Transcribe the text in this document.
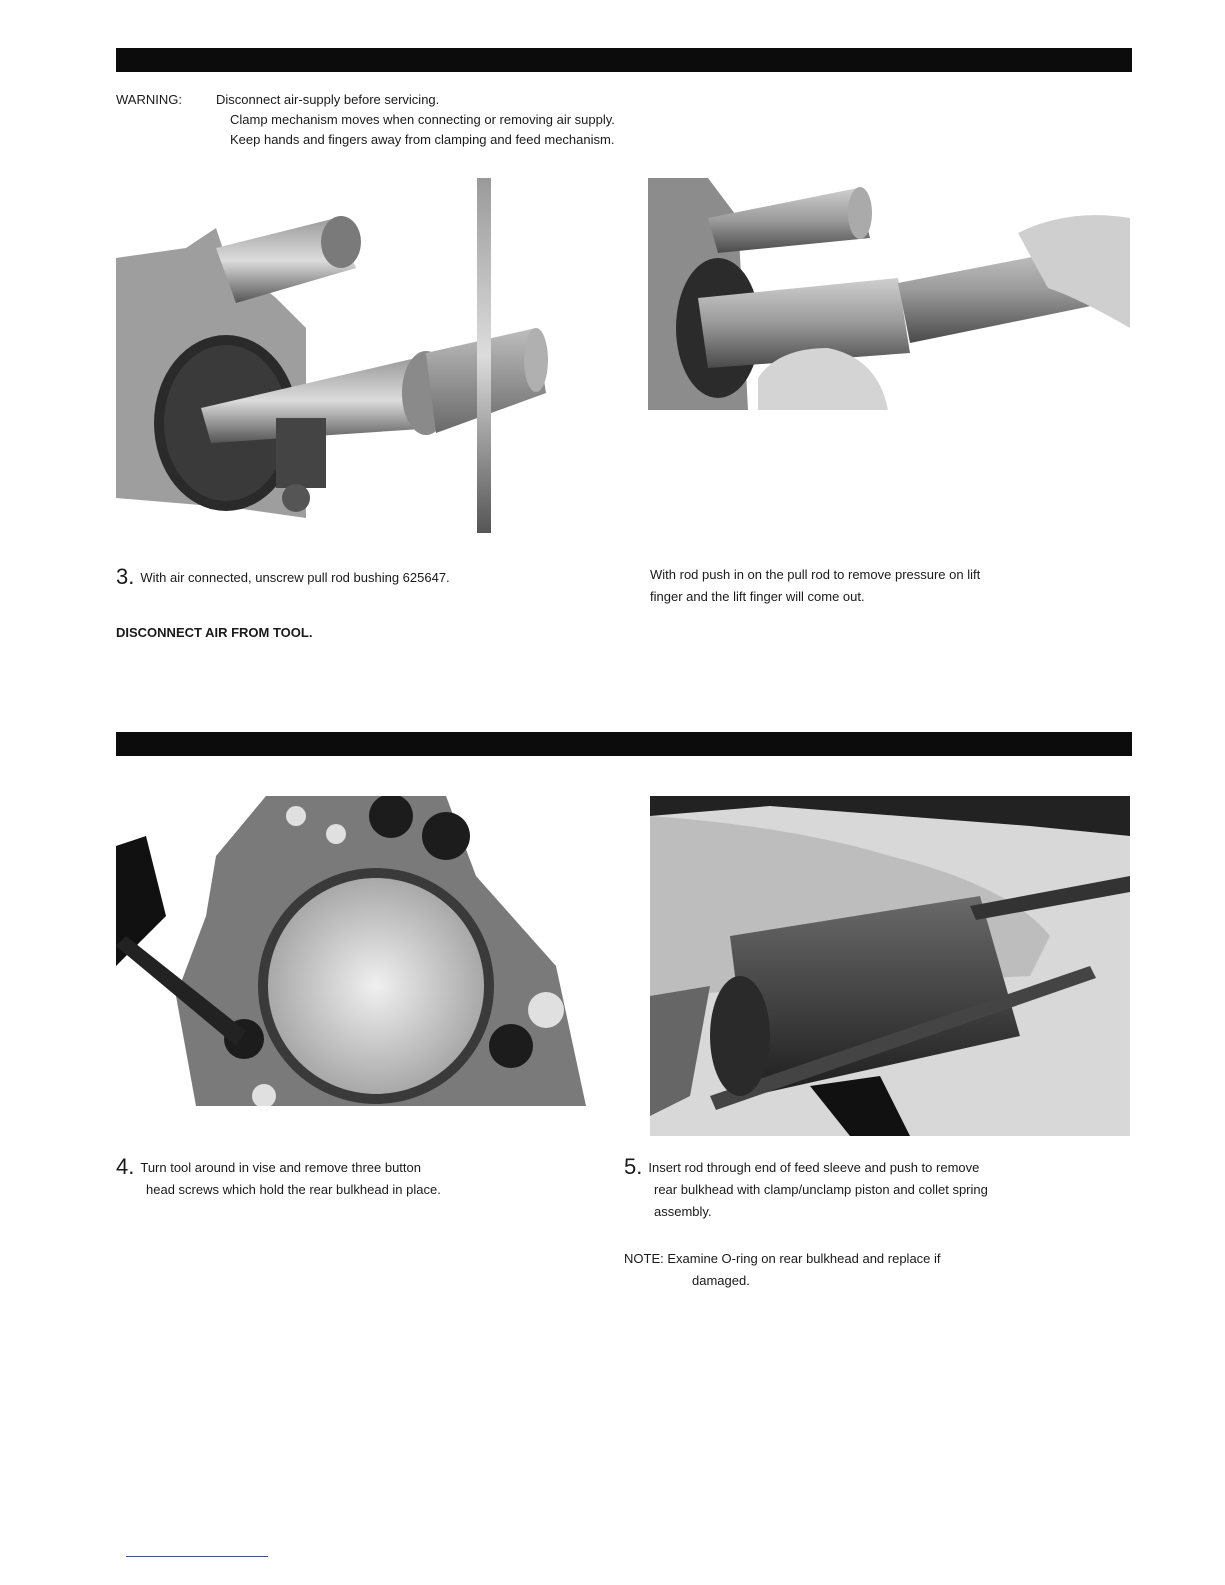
WARNING:	Disconnect air-supply before servicing.
Clamp mechanism moves when connecting or removing air supply.
Keep hands and fingers away from clamping and feed mechanism.
3. With air connected, unscrew pull rod bushing 625647.
DISCONNECT AIR FROM TOOL.
With rod push in on the pull rod to remove pressure on lift
finger and the lift finger will come out.
4. Turn tool around in vise and remove three button
head screws which hold the rear bulkhead in place.
5. Insert rod through end of feed sleeve and push to remove
rear bulkhead with clamp/unclamp piston and collet spring
assembly.
NOTE: Examine O-ring on rear bulkhead and replace if
damaged.
